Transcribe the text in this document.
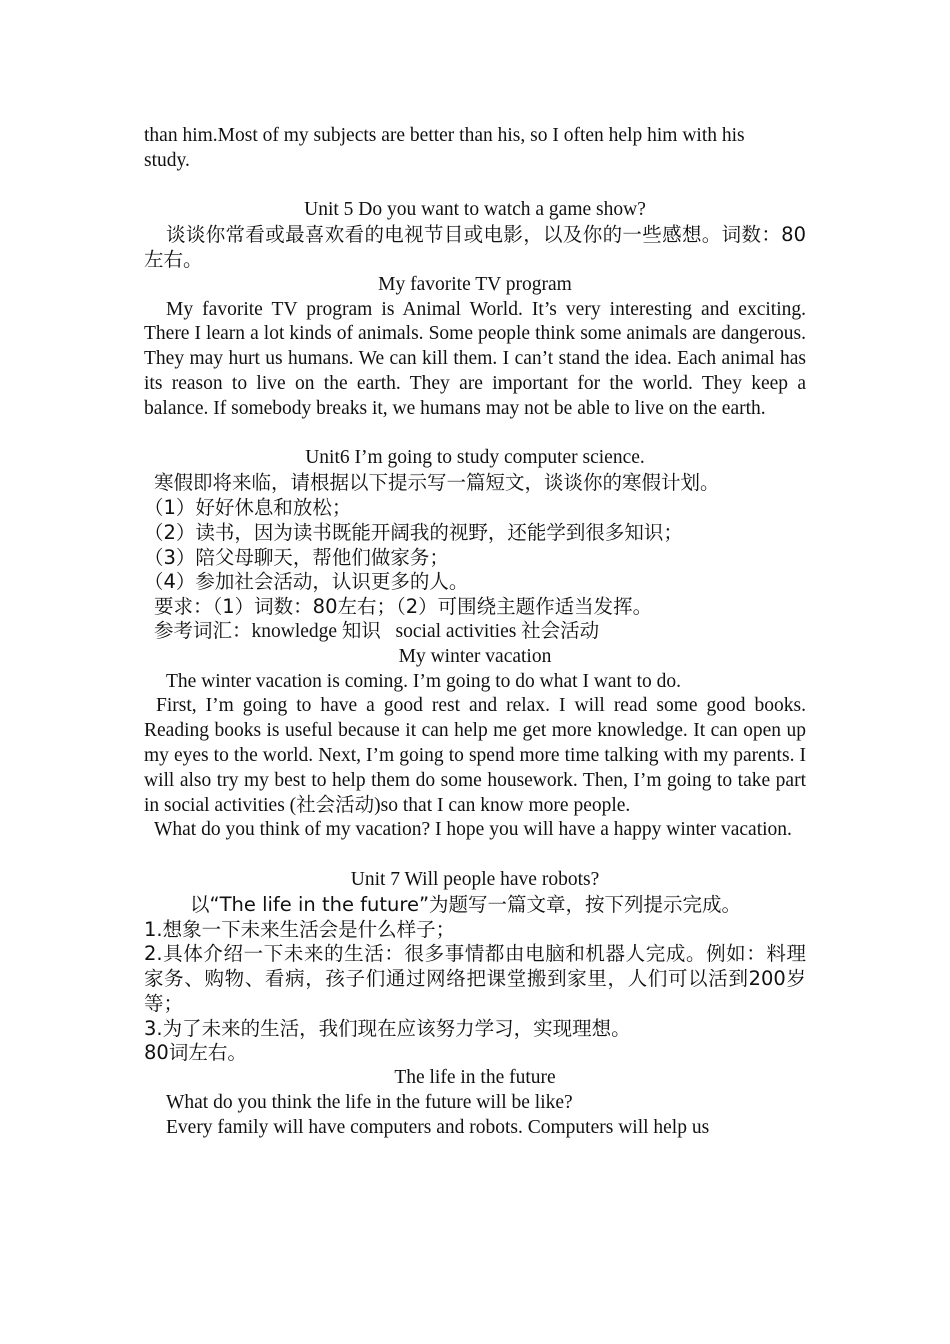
than him.Most of my subjects are better than his, so I often help him with his study.

Unit 5 Do you want to watch a game show?

谈谈你常看或最喜欢看的电视节目或电影，以及你的一些感想。词数：80左右。

My favorite TV program

My favorite TV program is Animal World. It’s very interesting and exciting. There I learn a lot kinds of animals. Some people think some animals are dangerous. They may hurt us humans. We can kill them. I can’t stand the idea. Each animal has its reason to live on the earth. They are important for the world. They keep a balance. If somebody breaks it, we humans may not be able to live on the earth.

Unit6 I’m going to study computer science.

寒假即将来临，请根据以下提示写一篇短文，谈谈你的寒假计划。

（1）好好休息和放松；

（2）读书，因为读书既能开阔我的视野，还能学到很多知识；

（3）陪父母聊天，帮他们做家务；

（4）参加社会活动，认识更多的人。

要求：（1）词数：80左右；（2）可围绕主题作适当发挥。

参考词汇：knowledge 知识   social activities 社会活动

My winter vacation

The winter vacation is coming. I’m going to do what I want to do.

First, I’m going to have a good rest and relax. I will read some good books. Reading books is useful because it can help me get more knowledge. It can open up my eyes to the world. Next, I’m going to spend more time talking with my parents. I will also try my best to help them do some housework. Then, I’m going to take part in social activities (社会活动)so that I can know more people.

What do you think of my vacation? I hope you will have a happy winter vacation.

Unit 7 Will people have robots?

以“The life in the future”为题写一篇文章，按下列提示完成。

1.想象一下未来生活会是什么样子；

2.具体介绍一下未来的生活：很多事情都由电脑和机器人完成。例如：料理家务、购物、看病，孩子们通过网络把课堂搬到家里，人们可以活到200岁等；

3.为了未来的生活，我们现在应该努力学习，实现理想。

80词左右。

The life in the future

What do you think the life in the future will be like?

Every family will have computers and robots. Computers will help us
